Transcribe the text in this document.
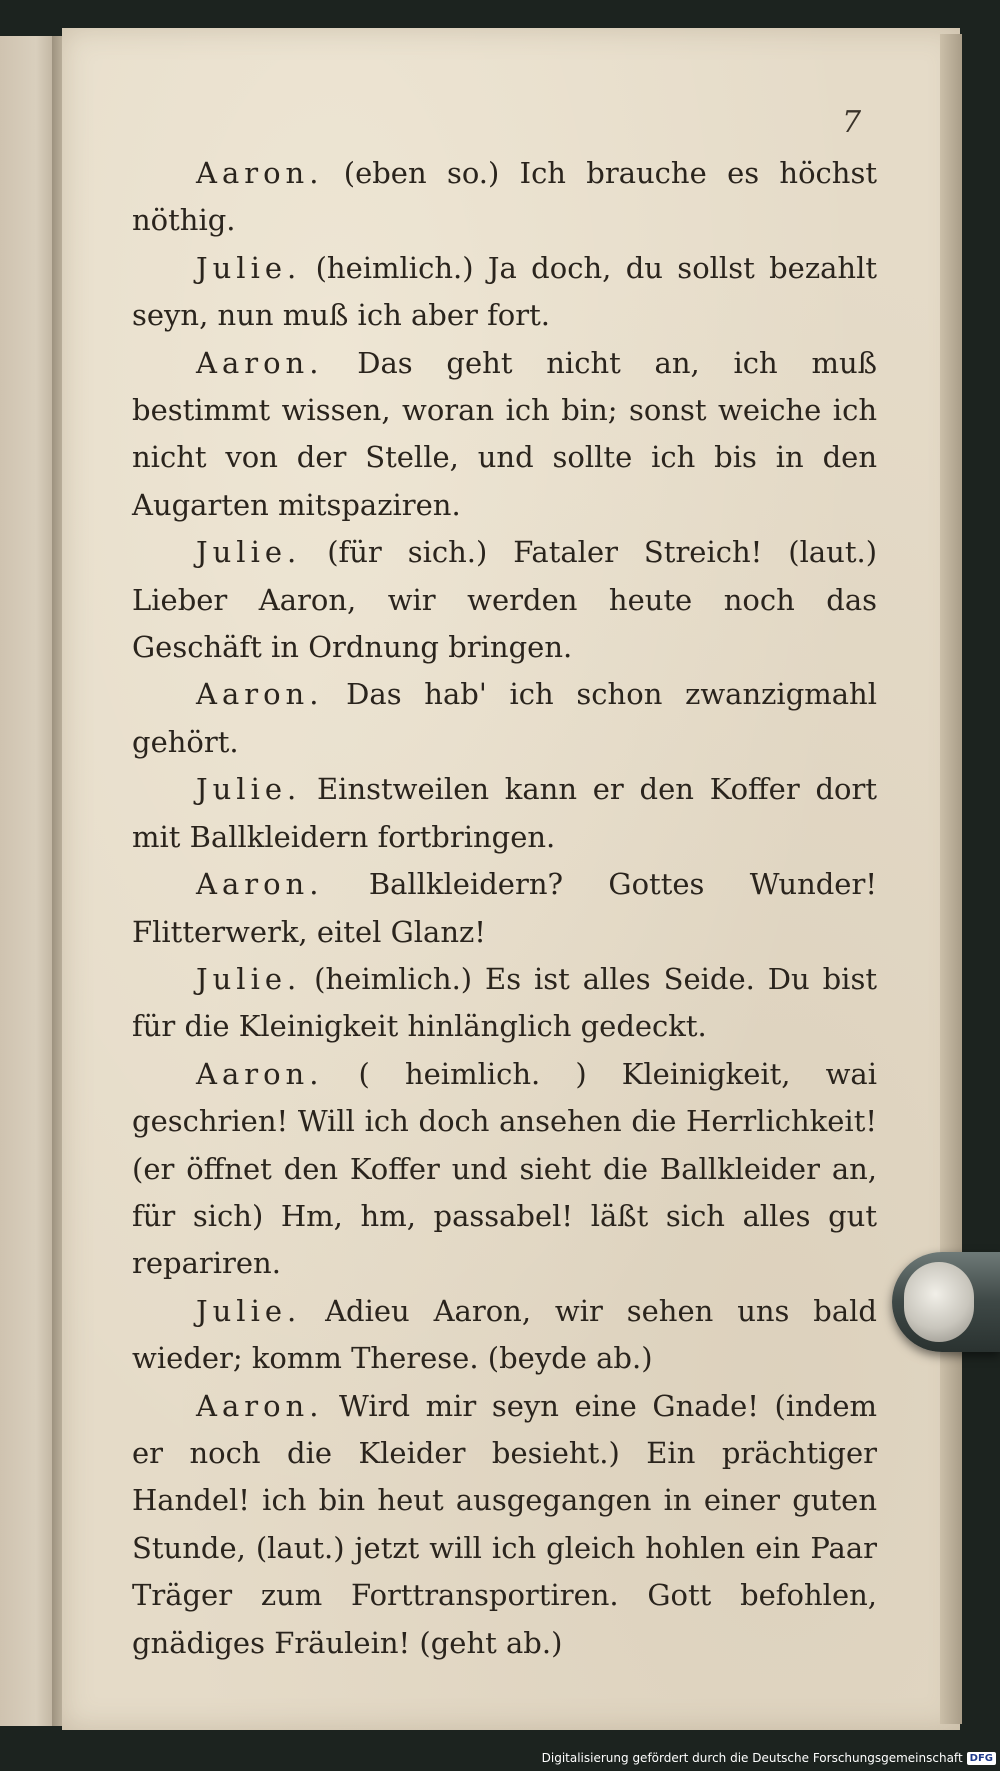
7

Aaron. (eben so.) Ich brauche es höchst nöthig.

Julie. (heimlich.) Ja doch, du sollst bezahlt seyn, nun muß ich aber fort.

Aaron. Das geht nicht an, ich muß bestimmt wissen, woran ich bin; sonst weiche ich nicht von der Stelle, und sollte ich bis in den Augarten mitspaziren.

Julie. (für sich.) Fataler Streich! (laut.) Lieber Aaron, wir werden heute noch das Geschäft in Ordnung bringen.

Aaron. Das hab' ich schon zwanzigmahl gehört.

Julie. Einstweilen kann er den Koffer dort mit Ballkleidern fortbringen.

Aaron. Ballkleidern? Gottes Wunder! Flitterwerk, eitel Glanz!

Julie. (heimlich.) Es ist alles Seide. Du bist für die Kleinigkeit hinlänglich gedeckt.

Aaron. ( heimlich. ) Kleinigkeit, wai geschrien! Will ich doch ansehen die Herrlichkeit! (er öffnet den Koffer und sieht die Ballkleider an, für sich) Hm, hm, passabel! läßt sich alles gut repariren.

Julie. Adieu Aaron, wir sehen uns bald wieder; komm Therese. (beyde ab.)

Aaron. Wird mir seyn eine Gnade! (indem er noch die Kleider besieht.) Ein prächtiger Handel! ich bin heut ausgegangen in einer guten Stunde, (laut.) jetzt will ich gleich hohlen ein Paar Träger zum Forttransportiren. Gott befohlen, gnädiges Fräulein! (geht ab.)

Digitalisierung gefördert durch die Deutsche Forschungsgemeinschaft DFG
